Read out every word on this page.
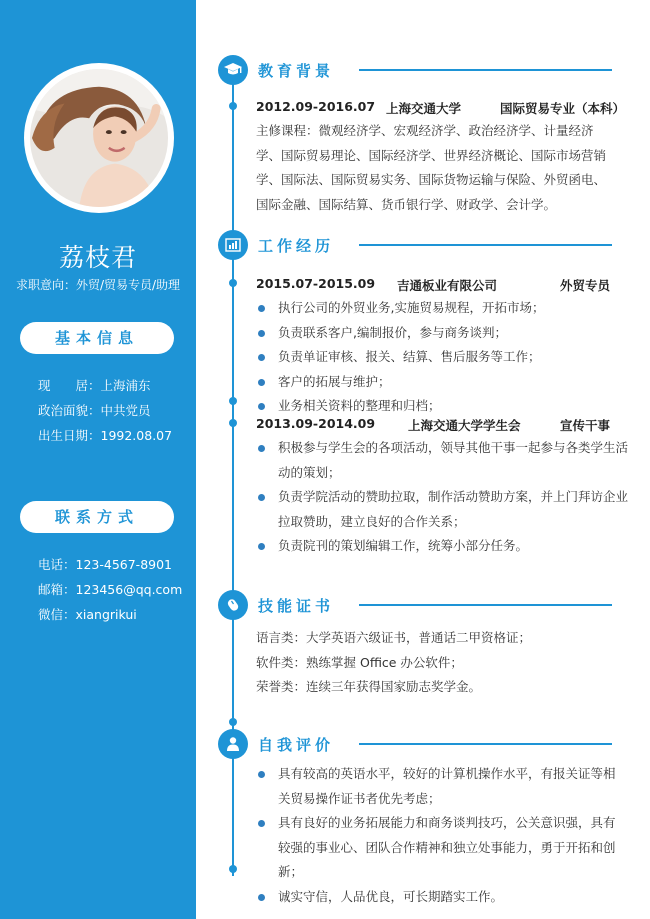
荔枝君
求职意向：外贸/贸易专员/助理
基本信息
现　　居：上海浦东
政治面貌：中共党员
出生日期：1992.08.07
联系方式
电话：123-4567-8901
邮箱：123456@qq.com
微信：xiangrikui
教育背景
2012.09-2016.07 上海交通大学	国际贸易专业（本科）
主修课程：微观经济学、宏观经济学、政治经济学、计量经济学、国际贸易理论、国际经济学、世界经济概论、国际市场营销学、国际法、国际贸易实务、国际货物运输与保险、外贸函电、国际金融、国际结算、货币银行学、财政学、会计学。
工作经历
2015.07-2015.09 吉通板业有限公司	外贸专员
执行公司的外贸业务,实施贸易规程，开拓市场；
负责联系客户,编制报价，参与商务谈判；
负责单证审核、报关、结算、售后服务等工作；
客户的拓展与维护；
业务相关资料的整理和归档；
2013.09-2014.09	上海交通大学学生会	宣传干事
积极参与学生会的各项活动，领导其他干事一起参与各类学生活动的策划；
负责学院活动的赞助拉取，制作活动赞助方案，并上门拜访企业拉取赞助，建立良好的合作关系；
负责院刊的策划编辑工作，统筹小部分任务。
技能证书
语言类：大学英语六级证书，普通话二甲资格证；
软件类：熟练掌握 Office 办公软件；
荣誉类：连续三年获得国家励志奖学金。
自我评价
具有较高的英语水平，较好的计算机操作水平，有报关证等相关贸易操作证书者优先考虑；
具有良好的业务拓展能力和商务谈判技巧，公关意识强，具有较强的事业心、团队合作精神和独立处事能力，勇于开拓和创新；
诚实守信，人品优良，可长期踏实工作。
